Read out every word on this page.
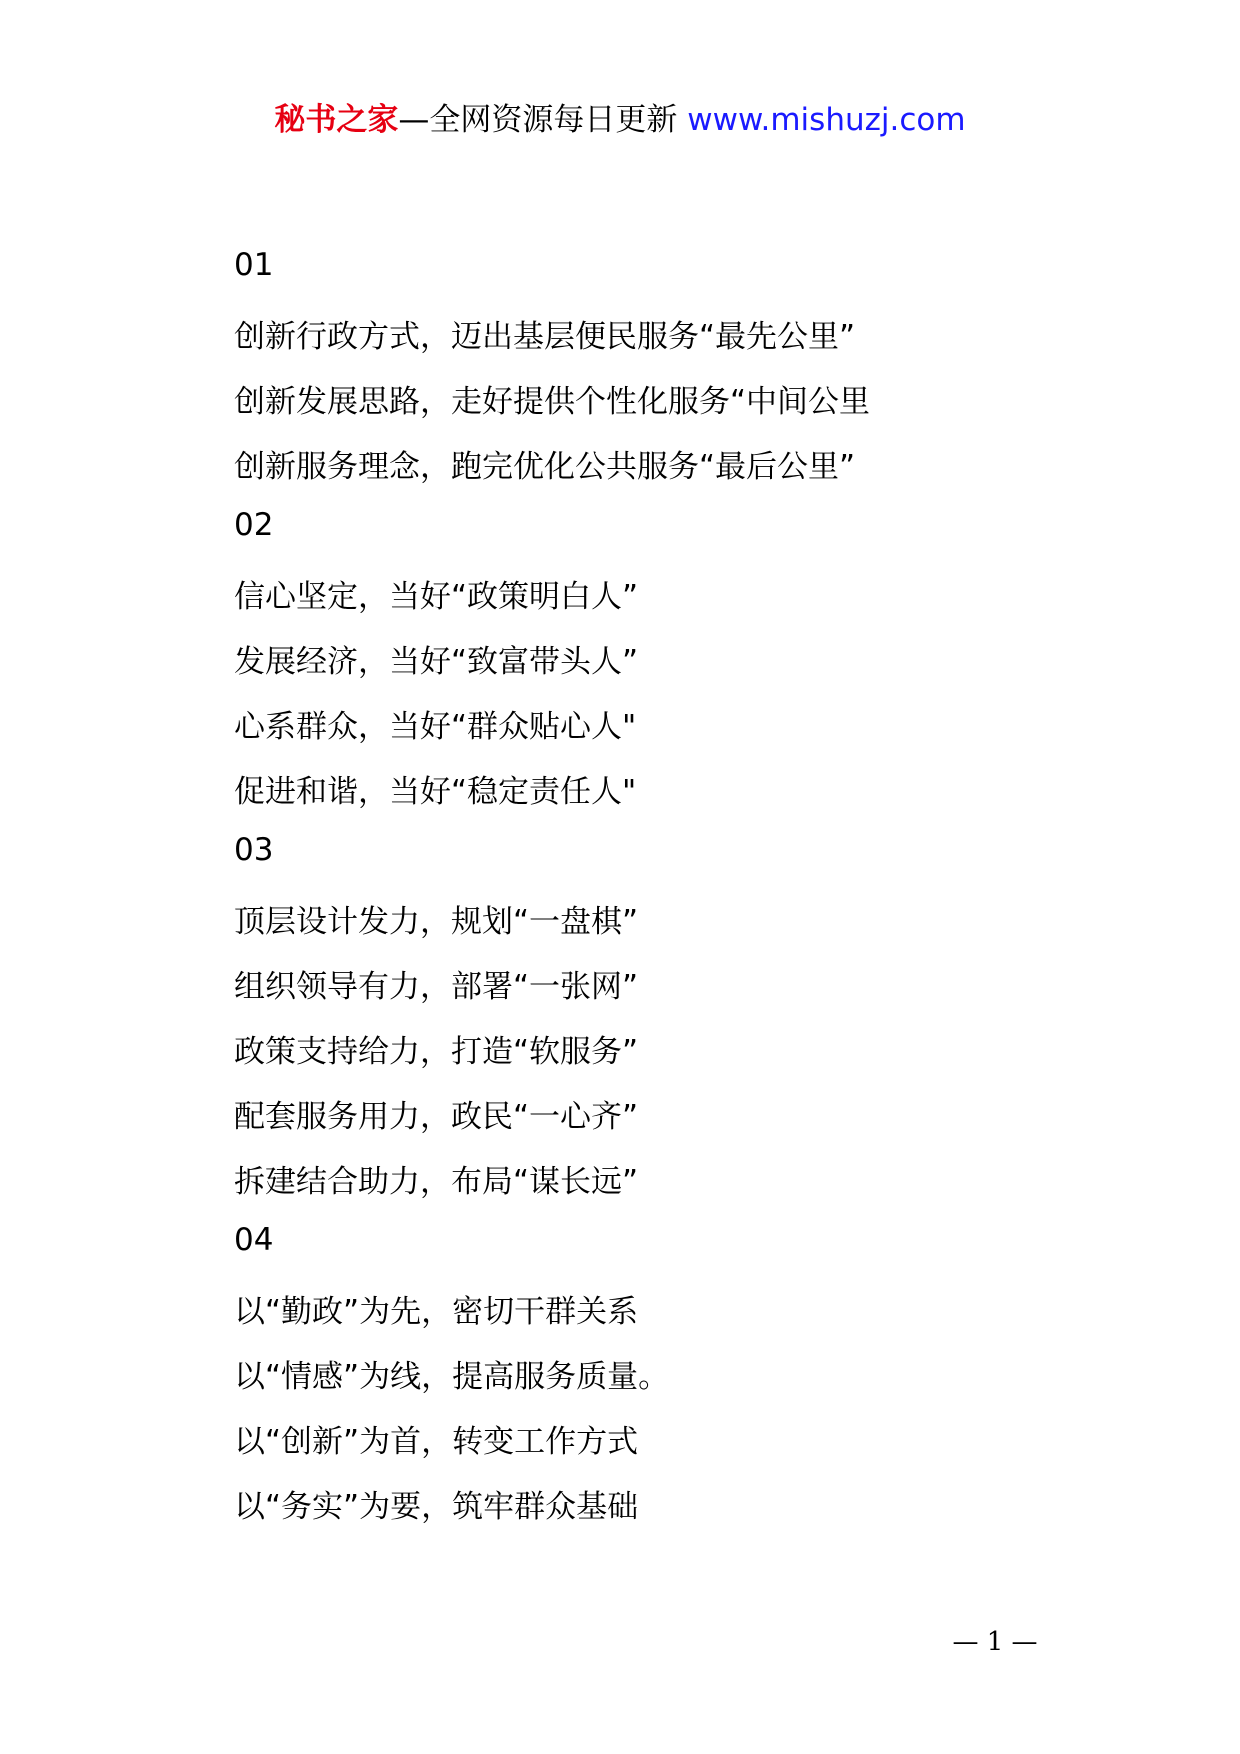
秘书之家—全网资源每日更新 www.mishuzj.com
01
创新行政方式，迈出基层便民服务“最先公里”
创新发展思路，走好提供个性化服务“中间公里
创新服务理念，跑完优化公共服务“最后公里”
02
信心坚定，当好“政策明白人”
发展经济，当好“致富带头人”
心系群众，当好“群众贴心人"
促进和谐，当好“稳定责任人"
03
顶层设计发力，规划“一盘棋”
组织领导有力，部署“一张网”
政策支持给力，打造“软服务”
配套服务用力，政民“一心齐”
拆建结合助力，布局“谋长远”
04
以“勤政”为先，密切干群关系
以“情感”为线，提高服务质量。
以“创新”为首，转变工作方式
以“务实”为要，筑牢群众基础
— 1 —
